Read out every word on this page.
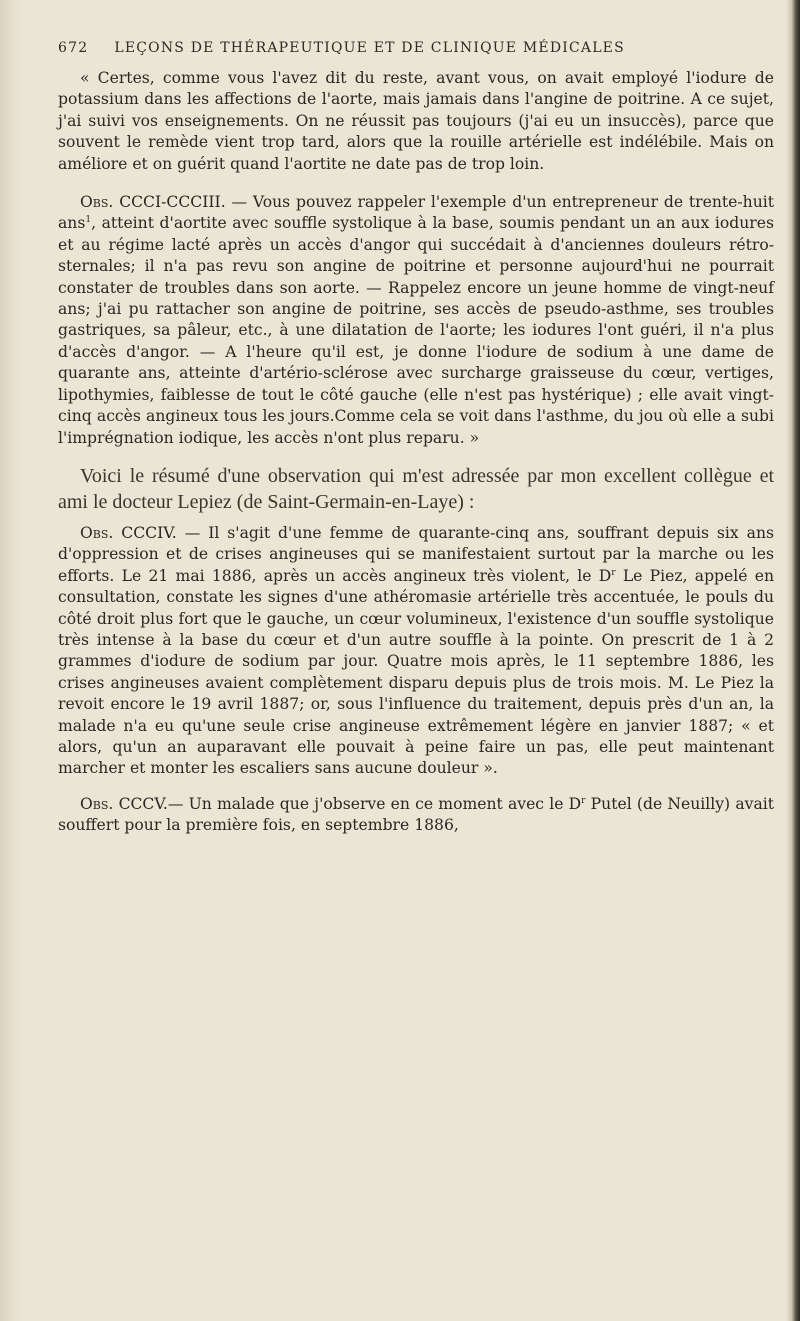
672 LEÇONS DE THÉRAPEUTIQUE ET DE CLINIQUE MÉDICALES

« Certes, comme vous l'avez dit du reste, avant vous, on avait employé l'iodure de potassium dans les affections de l'aorte, mais jamais dans l'angine de poitrine. A ce sujet, j'ai suivi vos enseignements. On ne réussit pas toujours (j'ai eu un insuccès), parce que souvent le remède vient trop tard, alors que la rouille artérielle est indélébile. Mais on améliore et on guérit quand l'aortite ne date pas de trop loin.

Obs. CCCI-CCCIII. — Vous pouvez rappeler l'exemple d'un entrepreneur de trente-huit ans$^1$, atteint d'aortite avec souffle systolique à la base, soumis pendant un an aux iodures et au régime lacté après un accès d'angor qui succédait à d'anciennes douleurs rétro-sternales; il n'a pas revu son angine de poitrine et personne aujourd'hui ne pourrait constater de troubles dans son aorte. — Rappelez encore un jeune homme de vingt-neuf ans; j'ai pu rattacher son angine de poitrine, ses accès de pseudo-asthme, ses troubles gastriques, sa pâleur, etc., à une dilatation de l'aorte; les iodures l'ont guéri, il n'a plus d'accès d'angor. — A l'heure qu'il est, je donne l'iodure de sodium à une dame de quarante ans, atteinte d'artério-sclérose avec surcharge graisseuse du cœur, vertiges, lipothymies, faiblesse de tout le côté gauche (elle n'est pas hystérique) ; elle avait vingt-cinq accès angineux tous les jours.Comme cela se voit dans l'asthme, du jou où elle a subi l'imprégnation iodique, les accès n'ont plus reparu. »

Voici le résumé d'une observation qui m'est adressée par mon excellent collègue et ami le docteur Lepiez (de Saint-Germain-en-Laye) :

Obs. CCCIV. — Il s'agit d'une femme de quarante-cinq ans, souffrant depuis six ans d'oppression et de crises angineuses qui se manifestaient surtout par la marche ou les efforts. Le 21 mai 1886, après un accès angineux très violent, le $D^r$ Le Piez, appelé en consultation, constate les signes d'une athéromasie artérielle très accentuée, le pouls du côté droit plus fort que le gauche, un cœur volumineux, l'existence d'un souffle systolique très intense à la base du cœur et d'un autre souffle à la pointe. On prescrit de 1 à 2 grammes d'iodure de sodium par jour. Quatre mois après, le 11 septembre 1886, les crises angineuses avaient complètement disparu depuis plus de trois mois. M. Le Piez la revoit encore le 19 avril 1887; or, sous l'influence du traitement, depuis près d'un an, la malade n'a eu qu'une seule crise angineuse extrêmement légère en janvier 1887; « et alors, qu'un an auparavant elle pouvait à peine faire un pas, elle peut maintenant marcher et monter les escaliers sans aucune douleur ».

Obs. CCCV.— Un malade que j'observe en ce moment avec le $D^r$ Putel (de Neuilly) avait souffert pour la première fois, en septembre 1886,
